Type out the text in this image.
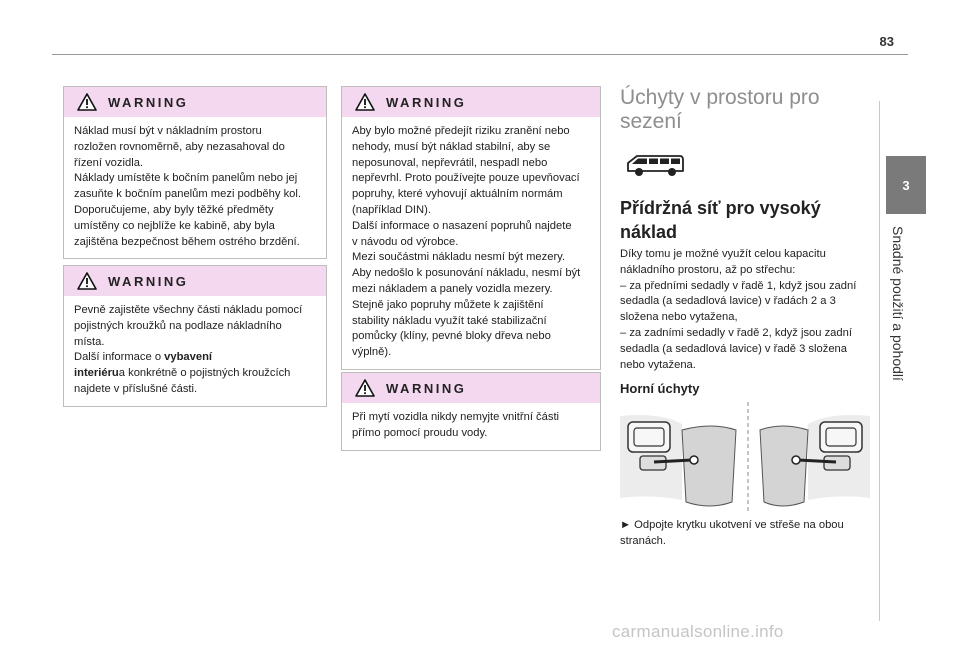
83
3
Snadné použití a pohodlí
WARNING

Náklad musí být v nákladním prostoru

rozložen rovnoměrně, aby nezasahoval do

řízení vozidla.

Náklady umístěte k bočním panelům nebo jej

zasuňte k bočním panelům mezi podběhy kol.

Doporučujeme, aby byly těžké předměty

umístěny co nejblíže ke kabině, aby byla

zajištěna bezpečnost během ostrého brzdění.

WARNING

Pevně zajistěte všechny části nákladu pomocí

pojistných kroužků na podlaze nákladního

místa.

Další informace o vybavení

interiérua konkrétně o pojistných kroužcích

najdete v příslušné části.

WARNING

Aby bylo možné předejít riziku zranění nebo

nehody, musí být náklad stabilní, aby se

neposunoval, nepřevrátil, nespadl nebo

nepřevrhl. Proto používejte pouze upevňovací

popruhy, které vyhovují aktuálním normám

(například DIN).

Další informace o nasazení popruhů najdete

v návodu od výrobce.

Mezi součástmi nákladu nesmí být mezery.

Aby nedošlo k posunování nákladu, nesmí být

mezi nákladem a panely vozidla mezery.

Stejně jako popruhy můžete k zajištění

stability nákladu využít také stabilizační

pomůcky (klíny, pevné bloky dřeva nebo

výplně).

WARNING

Při mytí vozidla nikdy nemyjte vnitřní části

přímo pomocí proudu vody.

Úchyty v prostoru pro
sezení
Přídržná síť pro vysoký
náklad
Díky tomu je možné využít celou kapacitu
nákladního prostoru, až po střechu:
– za předními sedadly v řadě 1, když jsou zadní
sedadla (a sedadlová lavice) v řadách 2 a 3
složena nebo vytažena,
– za zadními sedadly v řadě 2, když jsou zadní
sedadla (a sedadlová lavice) v řadě 3 složena
nebo vytažena.
Horní úchyty
► Odpojte krytku ukotvení ve střeše na obou
stranách.
carmanualsonline.info
